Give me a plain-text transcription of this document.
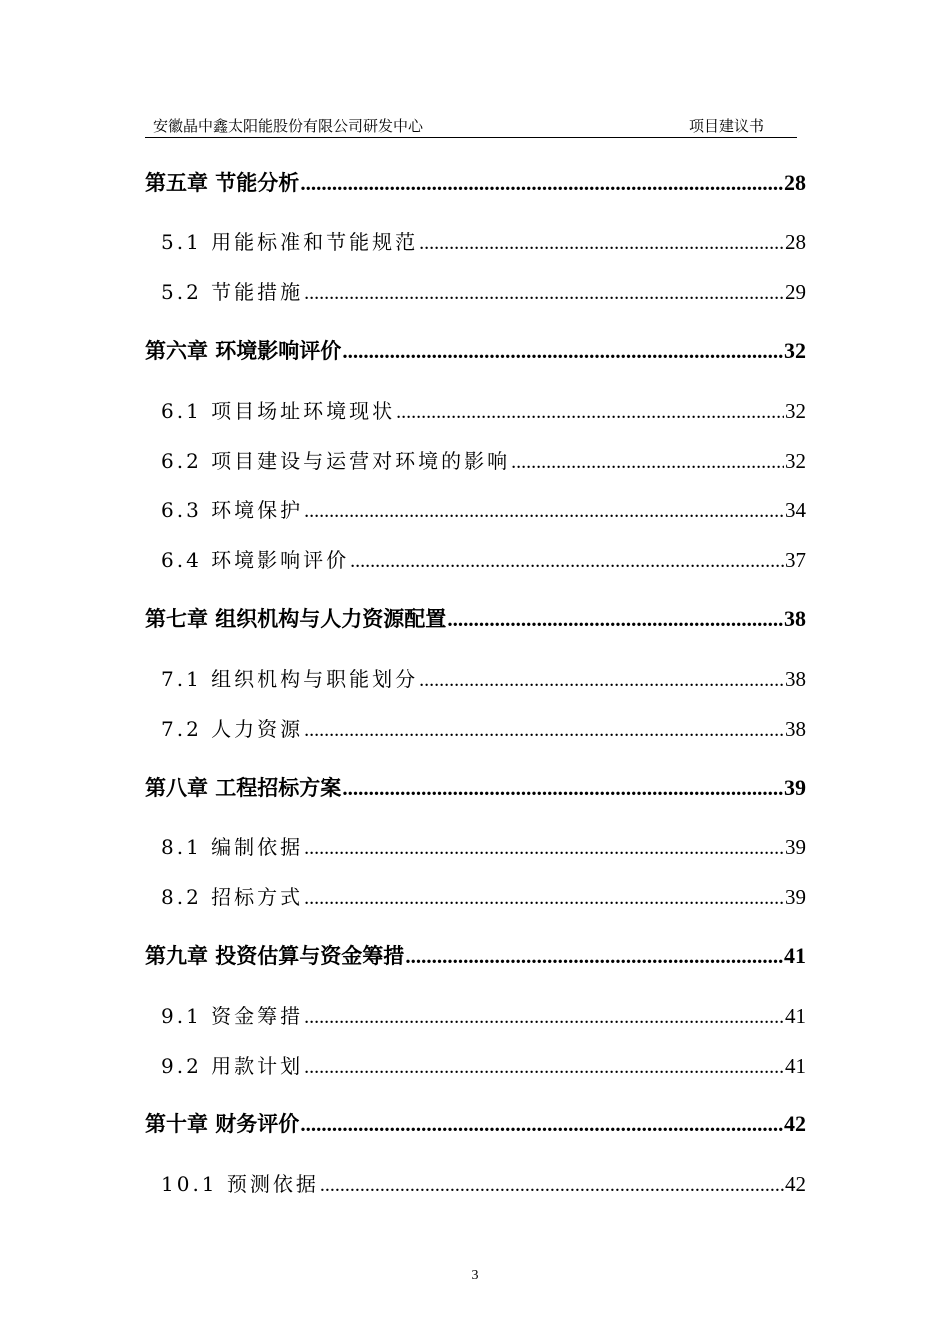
安徽晶中鑫太阳能股份有限公司研发中心	项目建议书
第五章 节能分析 .....	28
5.1 用能标准和节能规范 .....	28
5.2 节能措施 .....	29
第六章 环境影响评价 .....	32
6.1 项目场址环境现状 .....	32
6.2 项目建设与运营对环境的影响 .....	32
6.3 环境保护 .....	34
6.4 环境影响评价 .....	37
第七章 组织机构与人力资源配置 .....	38
7.1 组织机构与职能划分 .....	38
7.2 人力资源 .....	38
第八章 工程招标方案 .....	39
8.1 编制依据 .....	39
8.2 招标方式 .....	39
第九章 投资估算与资金筹措 .....	41
9.1 资金筹措 .....	41
9.2 用款计划 .....	41
第十章 财务评价 .....	42
10.1 预测依据 .....	42
3
